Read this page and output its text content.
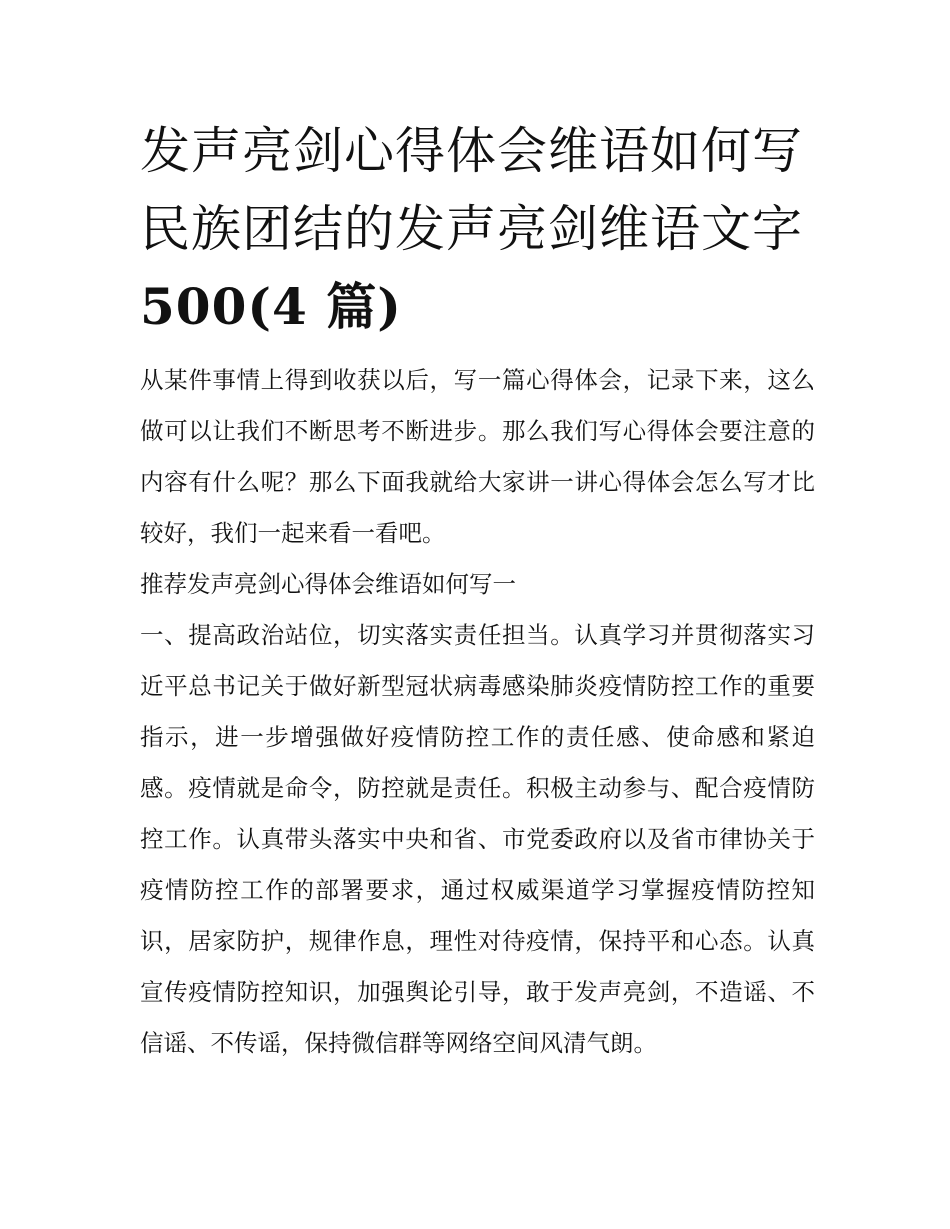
发声亮剑心得体会维语如何写
民族团结的发声亮剑维语文字
500(4 篇)

从某件事情上得到收获以后，写一篇心得体会，记录下来，这么做可以让我们不断思考不断进步。那么我们写心得体会要注意的内容有什么呢？那么下面我就给大家讲一讲心得体会怎么写才比较好，我们一起来看一看吧。

推荐发声亮剑心得体会维语如何写一

一、提高政治站位，切实落实责任担当。认真学习并贯彻落实习近平总书记关于做好新型冠状病毒感染肺炎疫情防控工作的重要指示，进一步增强做好疫情防控工作的责任感、使命感和紧迫感。疫情就是命令，防控就是责任。积极主动参与、配合疫情防控工作。认真带头落实中央和省、市党委政府以及省市律协关于疫情防控工作的部署要求，通过权威渠道学习掌握疫情防控知识，居家防护，规律作息，理性对待疫情，保持平和心态。认真宣传疫情防控知识，加强舆论引导，敢于发声亮剑，不造谣、不信谣、不传谣，保持微信群等网络空间风清气朗。
